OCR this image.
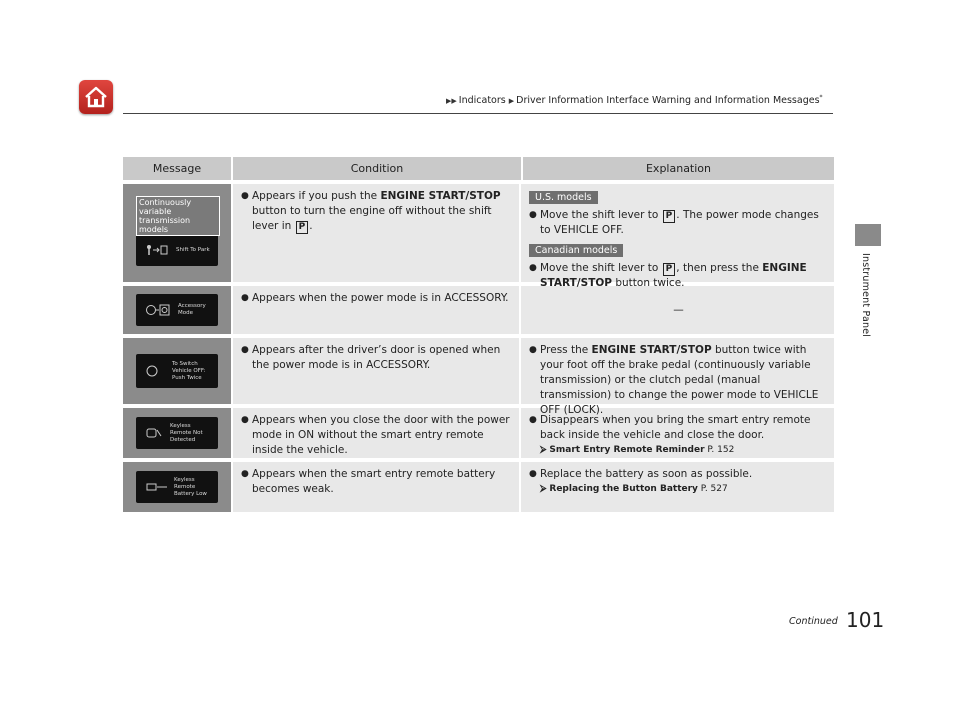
▶▶ Indicators ▶ Driver Information Interface Warning and Information Messages*
Instrument Panel
Message	Condition	Explanation
Continuously variable transmission models
Shift To Park
● Appears if you push the ENGINE START/STOP button to turn the engine off without the shift lever in P .
U.S. models
● Move the shift lever to P . The power mode changes to VEHICLE OFF.
Canadian models
● Move the shift lever to P , then press the ENGINE START/STOP button twice.
Accessory Mode
● Appears when the power mode is in ACCESSORY.
—
To Switch Vehicle OFF: Push Twice
● Appears after the driver’s door is opened when the power mode is in ACCESSORY.
● Press the ENGINE START/STOP button twice with your foot off the brake pedal (continuously variable transmission) or the clutch pedal (manual transmission) to change the power mode to VEHICLE OFF (LOCK).
Keyless Remote Not Detected
● Appears when you close the door with the power mode in ON without the smart entry remote inside the vehicle.
● Disappears when you bring the smart entry remote back inside the vehicle and close the door.
⮚ Smart Entry Remote Reminder P. 152
Keyless Remote Battery Low
● Appears when the smart entry remote battery becomes weak.
● Replace the battery as soon as possible.
⮚ Replacing the Button Battery P. 527
Continued 101
